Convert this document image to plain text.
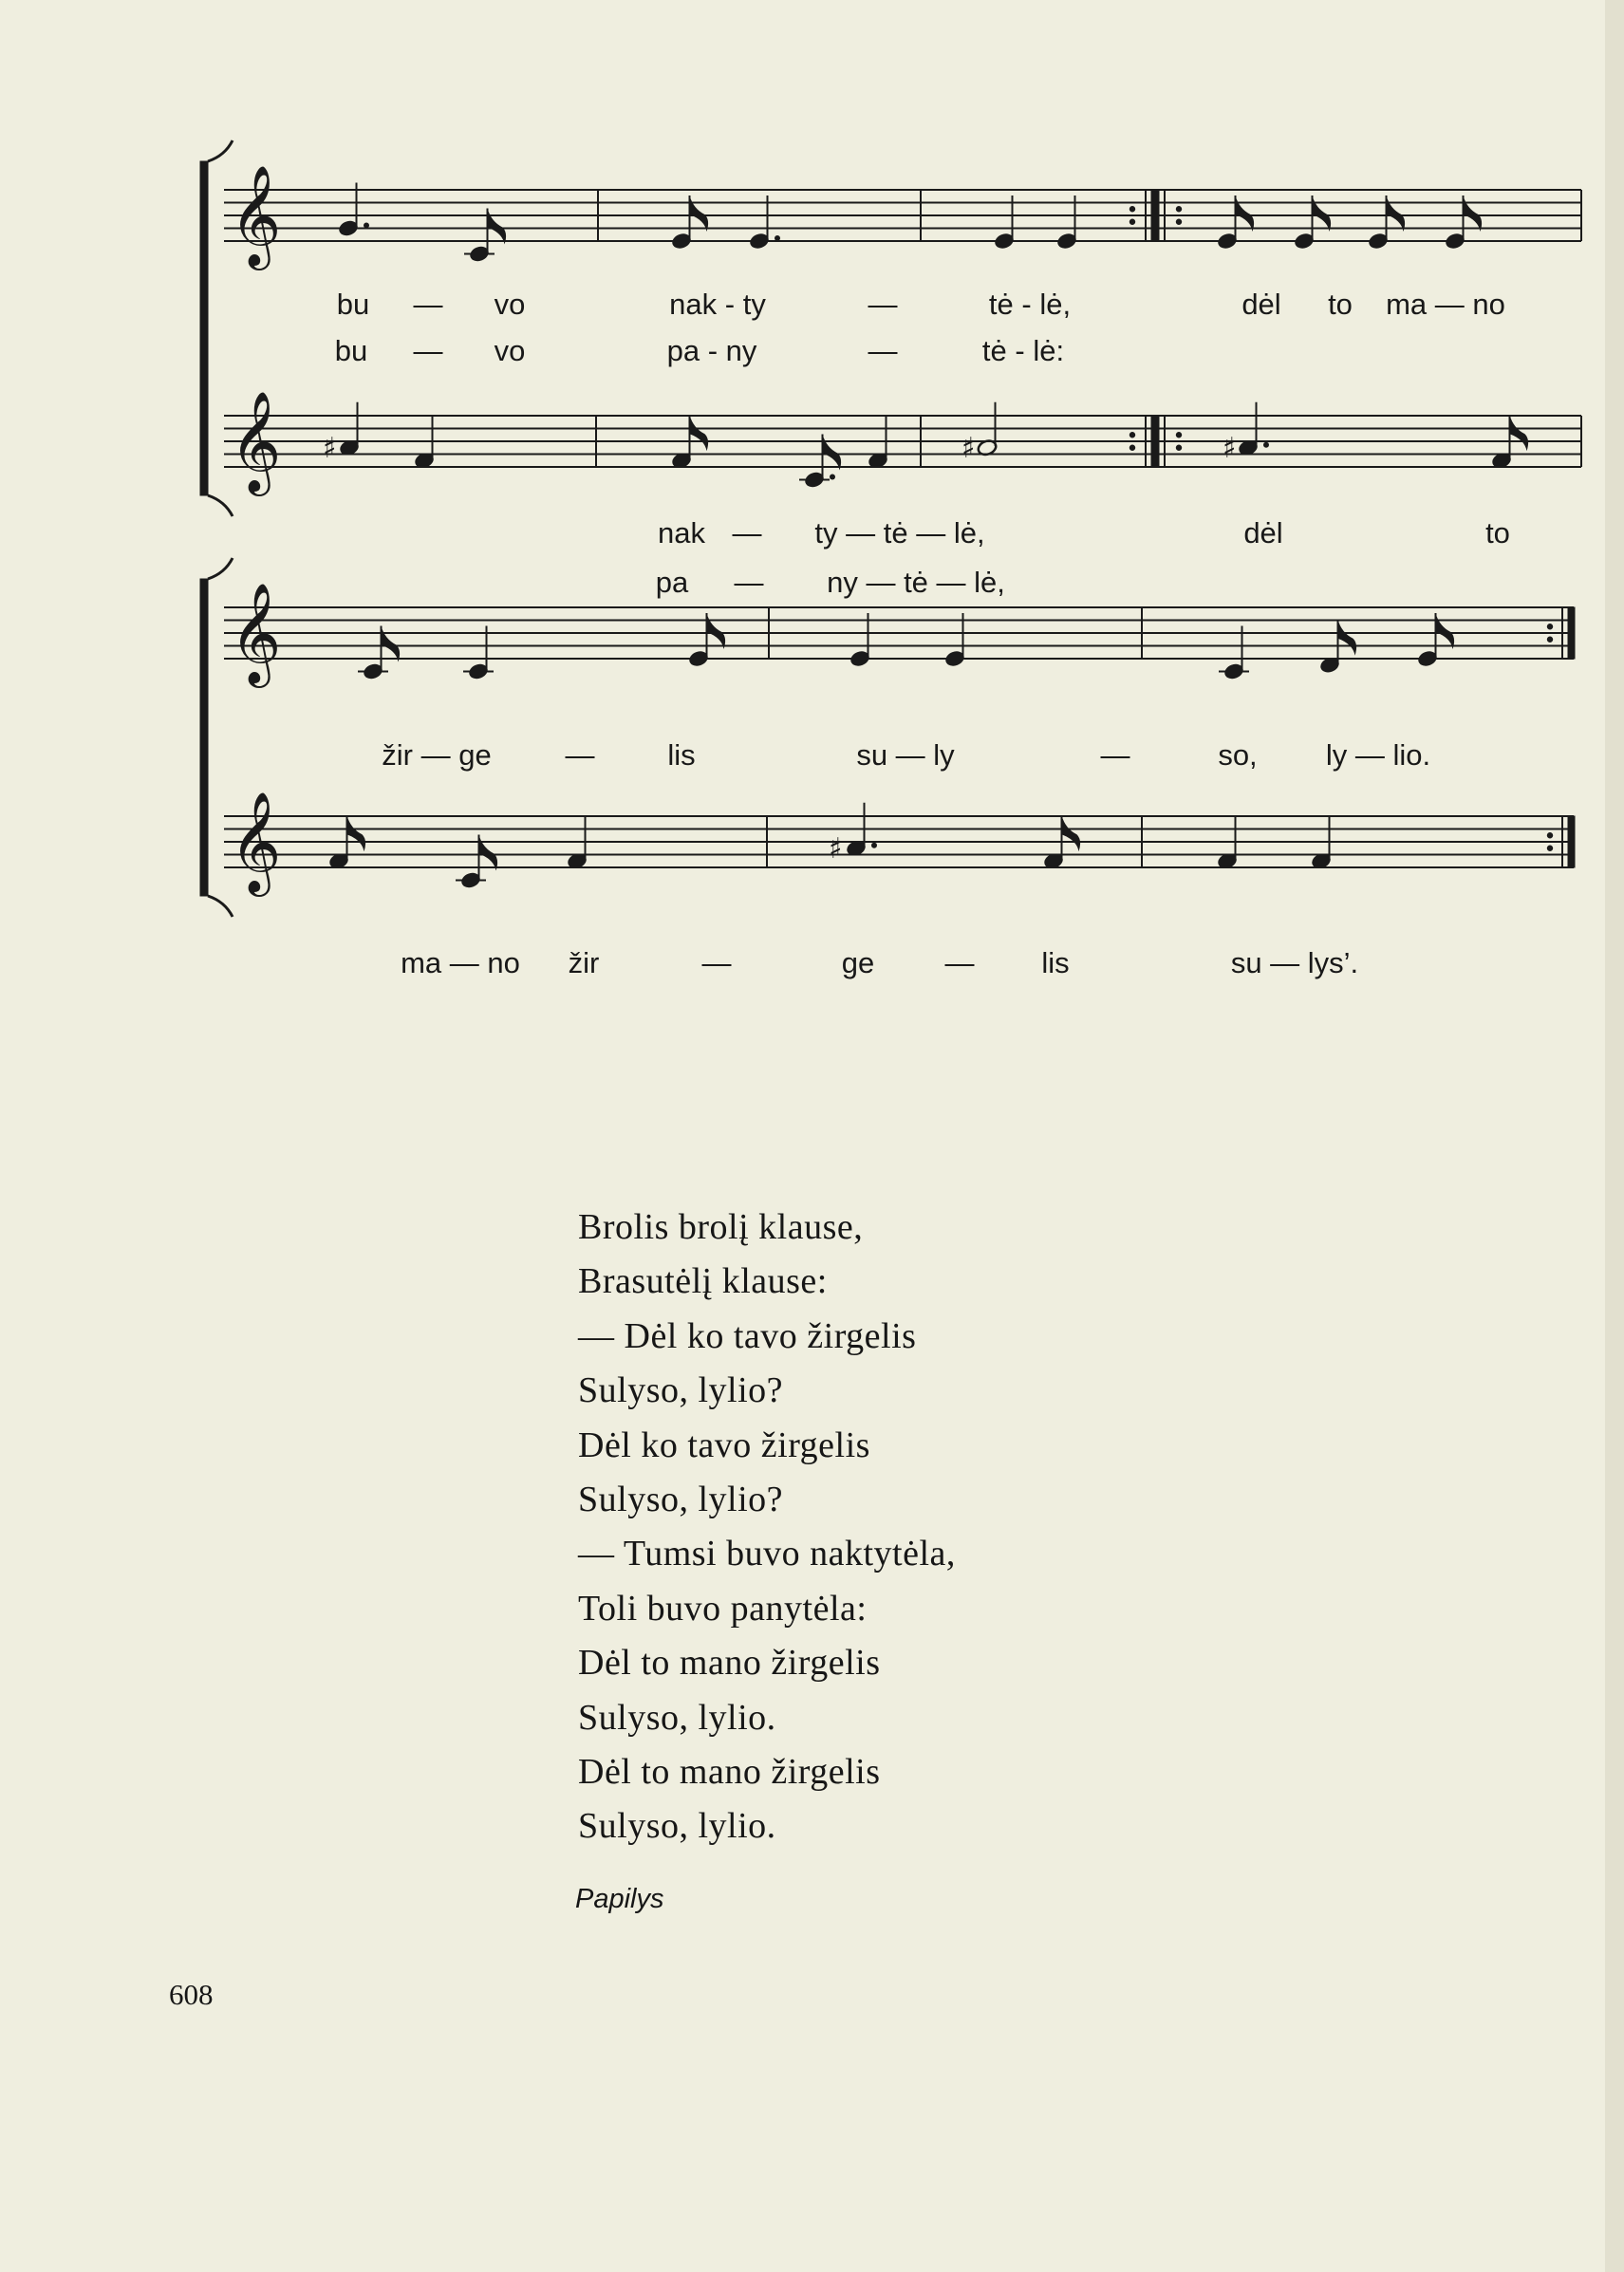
𝄞
𝄞
𝄞
𝄞
♯	♯	♯
♯
bu — vo	nak - ty	—	tė - lė,	dėl to ma — no
bu — vo	pa - ny	—	tė - lė:
nak — ty — tė — lė,	dėl	to
pa — ny — tė — lė,
žir — ge	— lis	su — ly	—	so, ly — lio.
ma — no žir	—	ge — lis	su — lys’.
Brolis brolį klause,
Brasutėlį klause:
— Dėl ko tavo žirgelis
Sulyso, lylio?
Dėl ko tavo žirgelis
Sulyso, lylio?
— Tumsi buvo naktytėla,
Toli buvo panytėla:
Dėl to mano žirgelis
Sulyso, lylio.
Dėl to mano žirgelis
Sulyso, lylio.
Papilys
608
